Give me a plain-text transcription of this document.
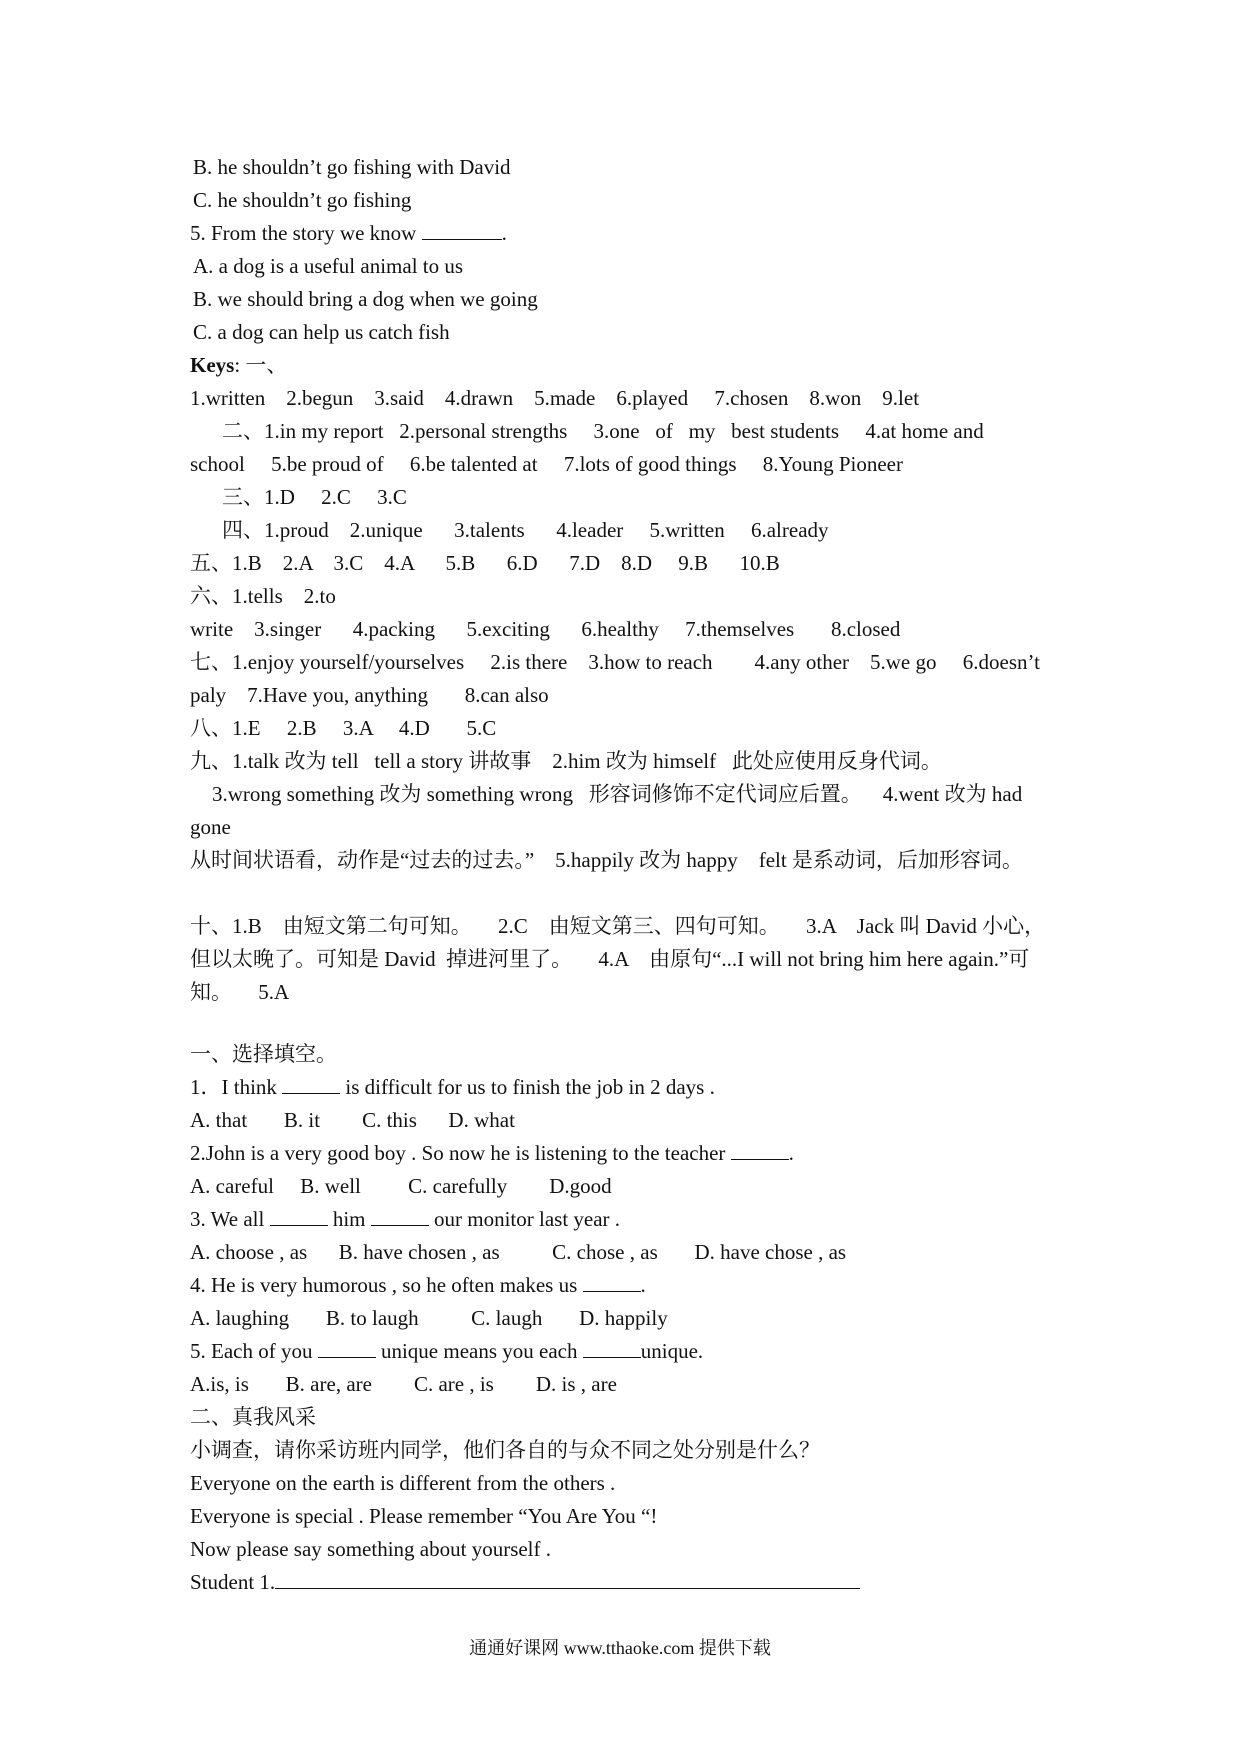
B. he shouldn’t go fishing with David
C. he shouldn’t go fishing
5. From the story we know	.
A. a dog is a useful animal to us
B. we should bring a dog when we going
C. a dog can help us catch fish
Keys: 一、
1.written    2.begun    3.said    4.drawn    5.made    6.played     7.chosen    8.won    9.let
二、1.in my report   2.personal strengths     3.one   of   my   best students     4.at home and
school     5.be proud of     6.be talented at     7.lots of good things     8.Young Pioneer
三、1.D     2.C     3.C
四、1.proud    2.unique      3.talents      4.leader     5.written     6.already
五、1.B    2.A    3.C    4.A      5.B      6.D      7.D    8.D     9.B      10.B
六、1.tells    2.to
write    3.singer      4.packing      5.exciting      6.healthy     7.themselves       8.closed
七、1.enjoy yourself/yourselves     2.is there    3.how to reach        4.any other    5.we go     6.doesn’t
paly    7.Have you, anything       8.can also
八、1.E     2.B     3.A     4.D       5.C
九、1.talk 改为 tell   tell a story 讲故事    2.him 改为 himself   此处应使用反身代词。
3.wrong something 改为 something wrong   形容词修饰不定代词应后置。    4.went 改为 had
gone
从时间状语看，动作是“过去的过去。”    5.happily 改为 happy    felt 是系动词，后加形容词。
十、1.B    由短文第二句可知。     2.C    由短文第三、四句可知。     3.A    Jack 叫 David 小心，
但以太晚了。可知是 David  掉进河里了。     4.A    由原句“...I will not bring him here again.”可
知。     5.A
一、选择填空。
1．I think	is difficult for us to finish the job in 2 days .
A. that       B. it        C. this      D. what
2.John is a very good boy . So now he is listening to the teacher	.
A. careful     B. well         C. carefully        D.good
3. We all	him	our monitor last year .
A. choose , as      B. have chosen , as          C. chose , as       D. have chose , as
4. He is very humorous , so he often makes us	.
A. laughing       B. to laugh          C. laugh       D. happily
5. Each of you	unique means you each	unique.
A.is, is       B. are, are        C. are , is        D. is , are
二、真我风采
小调查，请你采访班内同学，他们各自的与众不同之处分别是什么？
Everyone on the earth is different from the others .
Everyone is special . Please remember “You Are You “!
Now please say something about yourself .
Student 1.
通通好课网 www.tthaoke.com 提供下载
